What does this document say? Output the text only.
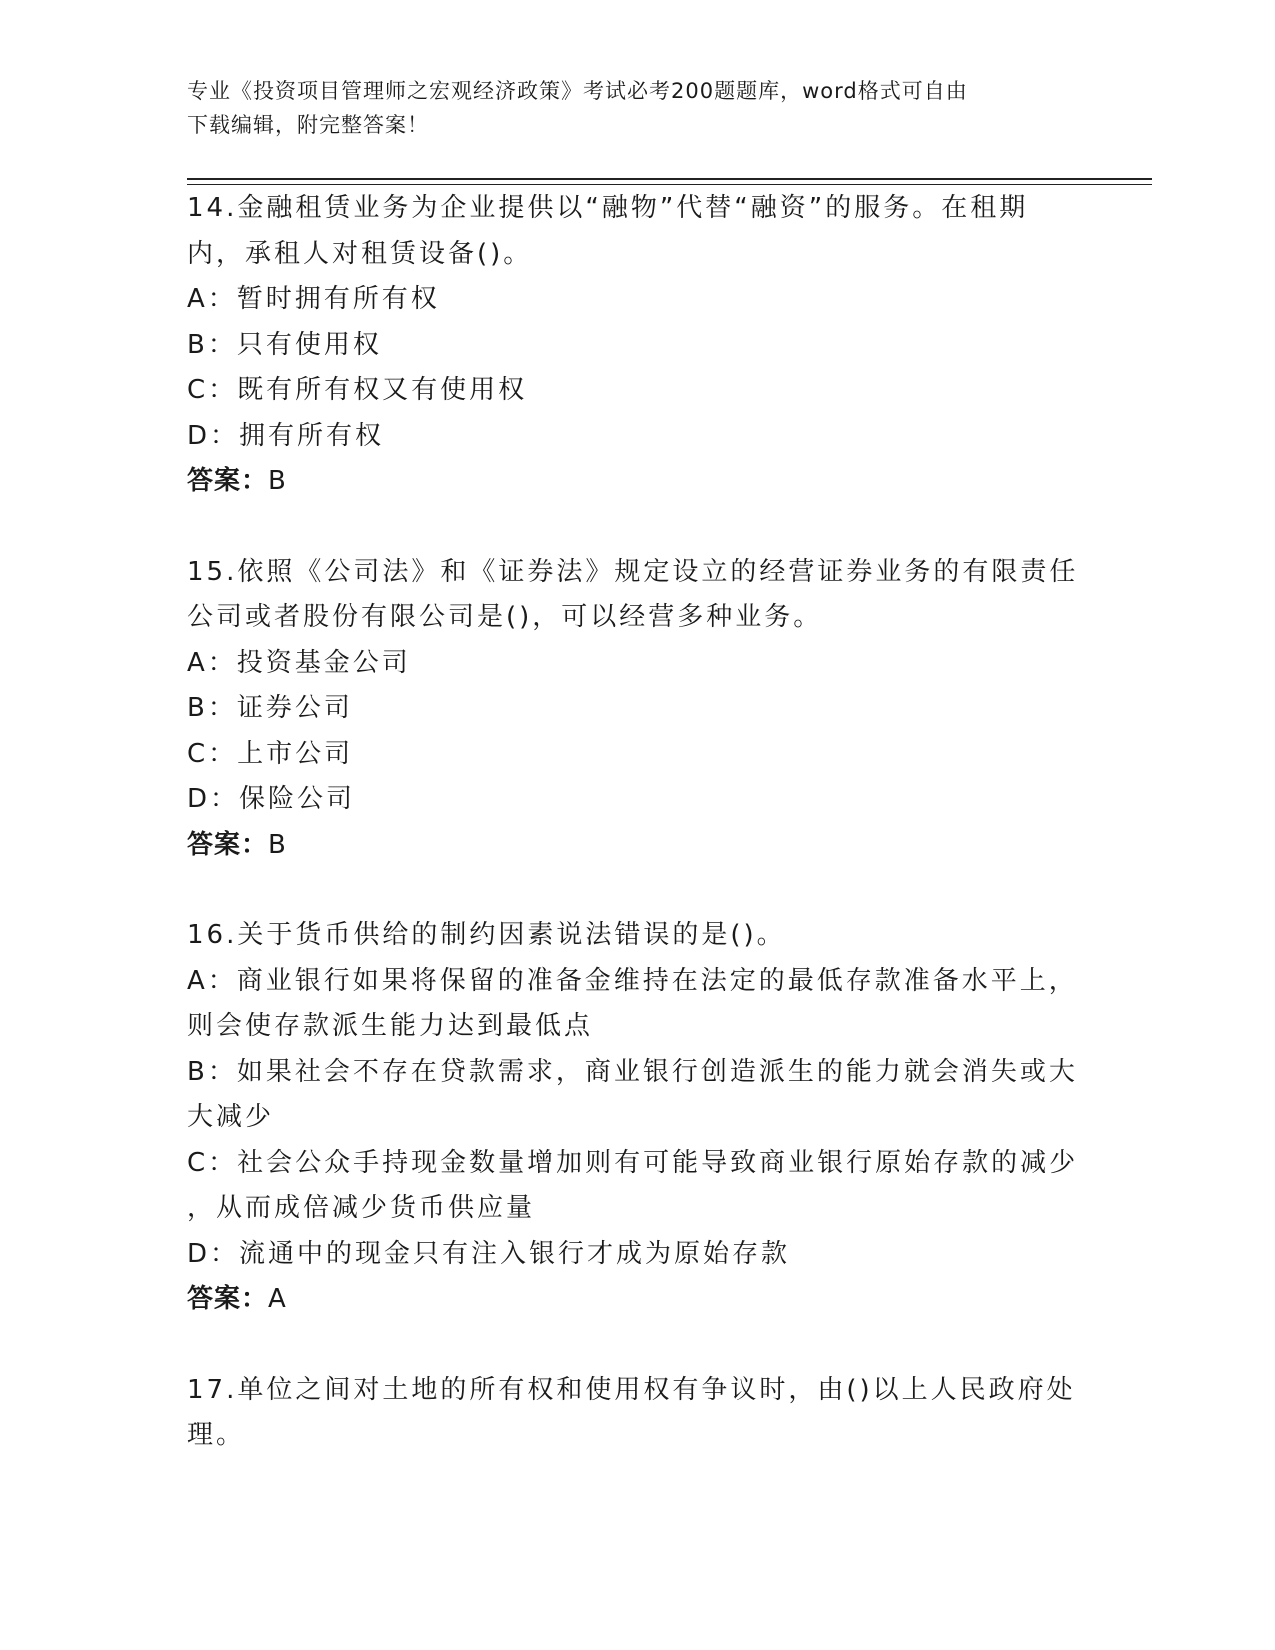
专业《投资项目管理师之宏观经济政策》考试必考200题题库，word格式可自由
下载编辑，附完整答案！
14.金融租赁业务为企业提供以“融物”代替“融资”的服务。在租期
内，承租人对租赁设备()。
A：暂时拥有所有权
B：只有使用权
C：既有所有权又有使用权
D：拥有所有权
答案：B
15.依照《公司法》和《证券法》规定设立的经营证券业务的有限责任
公司或者股份有限公司是()，可以经营多种业务。
A：投资基金公司
B：证券公司
C：上市公司
D：保险公司
答案：B
16.关于货币供给的制约因素说法错误的是()。
A：商业银行如果将保留的准备金维持在法定的最低存款准备水平上，
则会使存款派生能力达到最低点
B：如果社会不存在贷款需求，商业银行创造派生的能力就会消失或大
大减少
C：社会公众手持现金数量增加则有可能导致商业银行原始存款的减少
，从而成倍减少货币供应量
D：流通中的现金只有注入银行才成为原始存款
答案：A
17.单位之间对土地的所有权和使用权有争议时，由()以上人民政府处
理。
